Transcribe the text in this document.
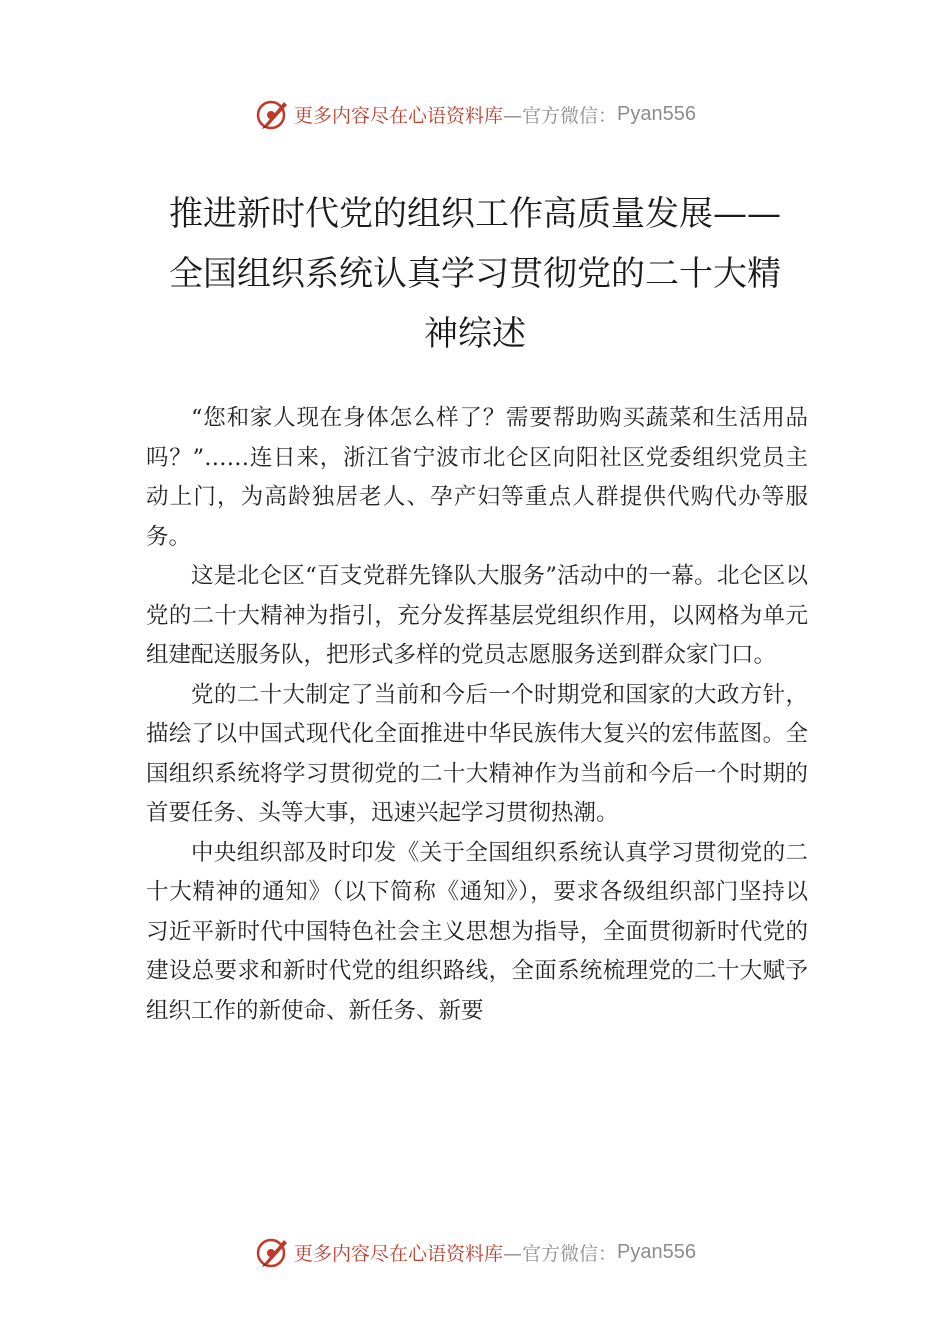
更多内容尽在心语资料库 —官方微信： Pyan556
推进新时代党的组织工作高质量发展——
全国组织系统认真学习贯彻党的二十大精
神综述

“您和家人现在身体怎么样了？需要帮助购买蔬菜和生活用品吗？”……连日来，浙江省宁波市北仑区向阳社区党委组织党员主动上门，为高龄独居老人、孕产妇等重点人群提供代购代办等服务。

这是北仑区“百支党群先锋队大服务”活动中的一幕。北仑区以党的二十大精神为指引，充分发挥基层党组织作用，以网格为单元组建配送服务队，把形式多样的党员志愿服务送到群众家门口。

党的二十大制定了当前和今后一个时期党和国家的大政方针，描绘了以中国式现代化全面推进中华民族伟大复兴的宏伟蓝图。全国组织系统将学习贯彻党的二十大精神作为当前和今后一个时期的首要任务、头等大事，迅速兴起学习贯彻热潮。

中央组织部及时印发《关于全国组织系统认真学习贯彻党的二十大精神的通知》（以下简称《通知》），要求各级组织部门坚持以习近平新时代中国特色社会主义思想为指导，全面贯彻新时代党的建设总要求和新时代党的组织路线，全面系统梳理党的二十大赋予组织工作的新使命、新任务、新要

更多内容尽在心语资料库 —官方微信： Pyan556
